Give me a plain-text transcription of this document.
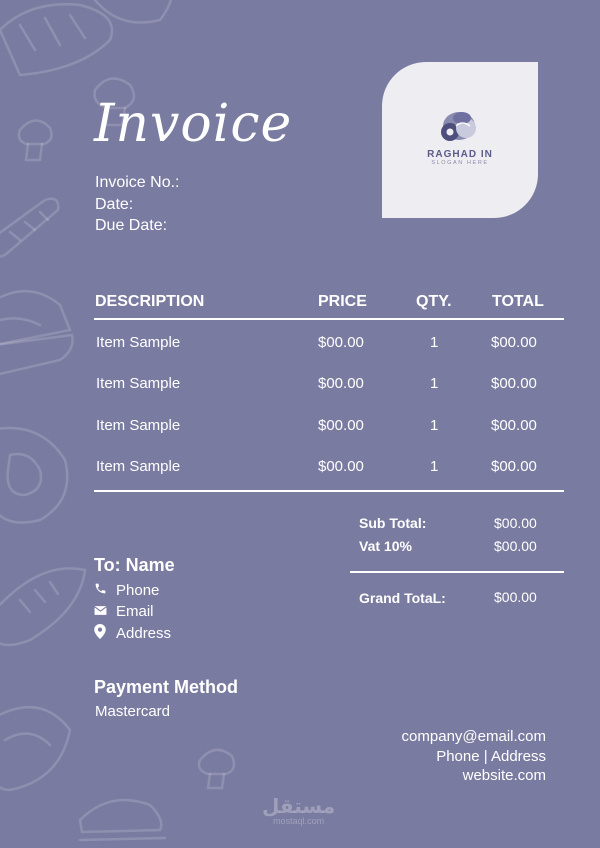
Invoice
Invoice No.:
Date:
Due Date:
RAGHAD IN
SLOGAN HERE
DESCRIPTION	PRICE	QTY.	TOTAL
Item Sample	$00.00	1	$00.00
Item Sample	$00.00	1	$00.00
Item Sample	$00.00	1	$00.00
Item Sample	$00.00	1	$00.00
Sub Total:	$00.00
Vat 10%	$00.00
Grand TotaL:	$00.00
To: Name
Phone
Email
Address
Payment Method
Mastercard
company@email.com
Phone | Address
website.com
مستقل
mostaql.com
